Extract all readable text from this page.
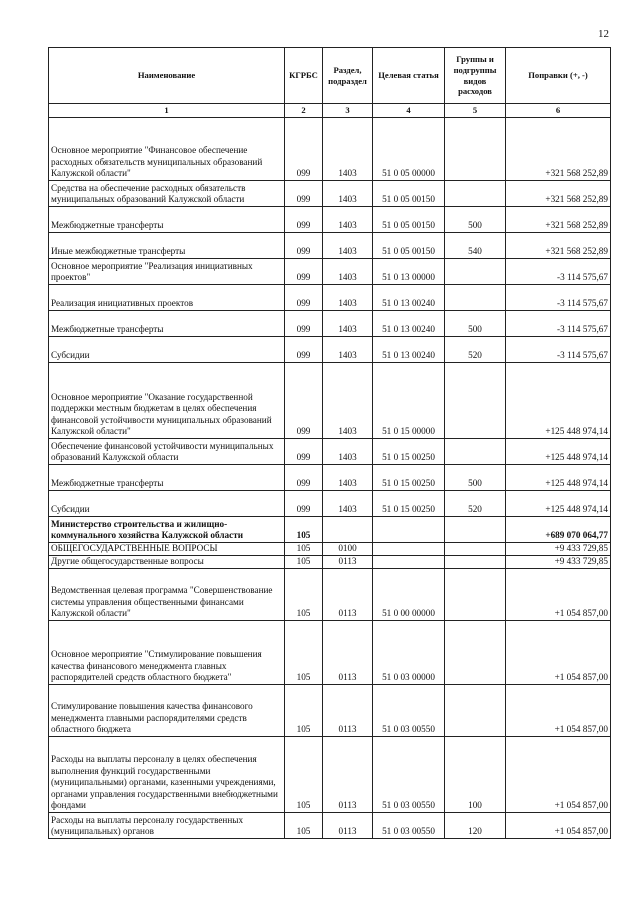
12
Наименование	КГРБС	Раздел, подраздел	Целевая статья	Группы и подгруппы видов расходов	Поправки (+, -)
1	2	3	4	5	6
Основное мероприятие "Финансовое обеспечение расходных обязательств муниципальных образований Калужской области"	099	1403	51 0 05 00000		+321 568 252,89
Средства на обеспечение расходных обязательств муниципальных образований Калужской области	099	1403	51 0 05 00150		+321 568 252,89
Межбюджетные трансферты	099	1403	51 0 05 00150	500	+321 568 252,89
Иные межбюджетные трансферты	099	1403	51 0 05 00150	540	+321 568 252,89
Основное мероприятие "Реализация инициативных проектов"	099	1403	51 0 13 00000		-3 114 575,67
Реализация инициативных проектов	099	1403	51 0 13 00240		-3 114 575,67
Межбюджетные трансферты	099	1403	51 0 13 00240	500	-3 114 575,67
Субсидии	099	1403	51 0 13 00240	520	-3 114 575,67
Основное мероприятие "Оказание государственной поддержки местным бюджетам в целях обеспечения финансовой устойчивости муниципальных образований Калужской области"	099	1403	51 0 15 00000		+125 448 974,14
Обеспечение финансовой устойчивости муниципальных образований Калужской области	099	1403	51 0 15 00250		+125 448 974,14
Межбюджетные трансферты	099	1403	51 0 15 00250	500	+125 448 974,14
Субсидии	099	1403	51 0 15 00250	520	+125 448 974,14
Министерство строительства и жилищно-коммунального хозяйства Калужской области	105				+689 070 064,77
ОБЩЕГОСУДАРСТВЕННЫЕ ВОПРОСЫ	105	0100			+9 433 729,85
Другие общегосударственные вопросы	105	0113			+9 433 729,85
Ведомственная целевая программа "Совершенствование системы управления общественными финансами Калужской области"	105	0113	51 0 00 00000		+1 054 857,00
Основное мероприятие "Стимулирование повышения качества финансового менеджмента главных распорядителей средств областного бюджета"	105	0113	51 0 03 00000		+1 054 857,00
Стимулирование повышения качества финансового менеджмента главными распорядителями средств областного бюджета	105	0113	51 0 03 00550		+1 054 857,00
Расходы на выплаты персоналу в целях обеспечения выполнения функций государственными (муниципальными) органами, казенными учреждениями, органами управления государственными внебюджетными фондами	105	0113	51 0 03 00550	100	+1 054 857,00
Расходы на выплаты персоналу государственных (муниципальных) органов	105	0113	51 0 03 00550	120	+1 054 857,00
